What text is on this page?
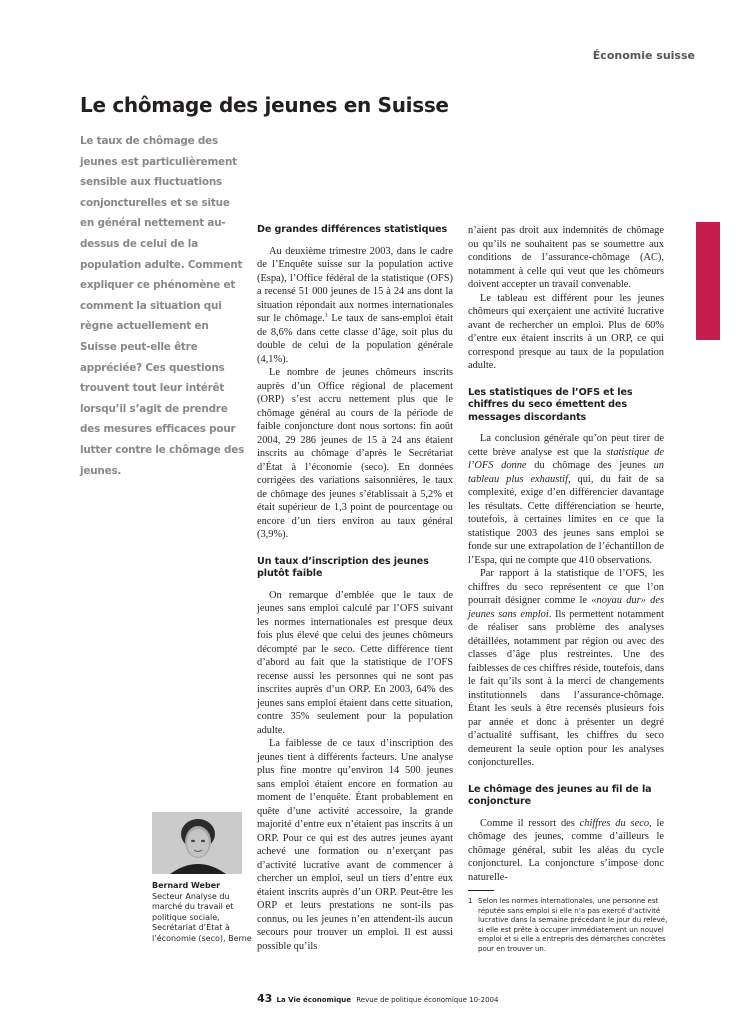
Économie suisse
Le chômage des jeunes en Suisse

Le taux de chômage des jeunes est particulièrement sensible aux fluctuations conjoncturelles et se situe en général nettement au-dessus de celui de la population adulte. Comment expliquer ce phénomène et comment la situation qui règne actuellement en Suisse peut-elle être appréciée? Ces questions trouvent tout leur intérêt lorsqu’il s’agit de prendre des mesures efficaces pour lutter contre le chômage des jeunes.

De grandes différences statistiques

Au deuxième trimestre 2003, dans le cadre de l’Enquête suisse sur la population active (Espa), l’Office fédéral de la statistique (OFS) a recensé 51 000 jeunes de 15 à 24 ans dont la situation répondait aux normes internationales sur le chômage.$^1$ Le taux de sans-emploi était de 8,6% dans cette classe d’âge, soit plus du double de celui de la population générale (4,1%).

Le nombre de jeunes chômeurs inscrits auprès d’un Office régional de placement (ORP) s’est accru nettement plus que le chômage général au cours de la période de faible conjoncture dont nous sortons: fin août 2004, 29 286 jeunes de 15 à 24 ans étaient inscrits au chômage d’après le Secrétariat d’État à l’économie (seco). En données corrigées des variations saisonnières, le taux de chômage des jeunes s’établissait à 5,2% et était supérieur de 1,3 point de pourcentage ou encore d’un tiers environ au taux général (3,9%).

Un taux d’inscription des jeunes plutôt faible

On remarque d’emblée que le taux de jeunes sans emploi calculé par l’OFS suivant les normes internationales est presque deux fois plus élevé que celui des jeunes chômeurs décompté par le seco. Cette différence tient d’abord au fait que la statistique de l’OFS recense aussi les personnes qui ne sont pas inscrites auprès d’un ORP. En 2003, 64% des jeunes sans emploi étaient dans cette situation, contre 35% seulement pour la population adulte.

La faiblesse de ce taux d’inscription des jeunes tient à différents facteurs. Une analyse plus fine montre qu’environ 14 500 jeunes sans emploi étaient encore en formation au moment de l’enquête. Étant probablement en quête d’une activité accessoire, la grande majorité d’entre eux n’étaient pas inscrits à un ORP. Pour ce qui est des autres jeunes ayant achevé une formation ou n’exerçant pas d’activité lucrative avant de commencer à chercher un emploi, seul un tiers d’entre eux étaient inscrits auprès d’un ORP. Peut-être les ORP et leurs prestations ne sont-ils pas connus, ou les jeunes n’en attendent-ils aucun secours pour trouver un emploi. Il est aussi possible qu’ils

n’aient pas droit aux indemnités de chômage ou qu’ils ne souhaitent pas se soumettre aux conditions de l’assurance-chômage (AC), notamment à celle qui veut que les chômeurs doivent accepter un travail convenable.

Le tableau est différent pour les jeunes chômeurs qui exerçaient une activité lucrative avant de rechercher un emploi. Plus de 60% d’entre eux étaient inscrits à un ORP, ce qui correspond presque au taux de la population adulte.

Les statistiques de l’OFS et les chiffres du seco émettent des messages discordants

La conclusion générale qu’on peut tirer de cette brève analyse est que la statistique de l’OFS donne du chômage des jeunes un tableau plus exhaustif, qui, du fait de sa complexité, exige d’en différencier davantage les résultats. Cette différenciation se heurte, toutefois, à certaines limites en ce que la statistique 2003 des jeunes sans emploi se fonde sur une extrapolation de l’échantillon de l’Espa, qui ne compte que 410 observations.

Par rapport à la statistique de l’OFS, les chiffres du seco représentent ce que l’on pourrait désigner comme le «noyau dur» des jeunes sans emploi. Ils permettent notamment de réaliser sans problème des analyses détaillées, notamment par région ou avec des classes d’âge plus restreintes. Une des faiblesses de ces chiffres réside, toutefois, dans le fait qu’ils sont à la merci de changements institutionnels dans l’assurance-chômage. Étant les seuls à être recensés plusieurs fois par année et donc à présenter un degré d’actualité suffisant, les chiffres du seco demeurent la seule option pour les analyses conjoncturelles.

Le chômage des jeunes au fil de la conjoncture

Comme il ressort des chiffres du seco, le chômage des jeunes, comme d’ailleurs le chômage général, subit les aléas du cycle conjoncturel. La conjoncture s’impose donc naturelle-

Bernard Weber
Secteur Analyse du marché du travail et politique sociale, Secrétariat d’État à l’économie (seco), Berne
1 Selon les normes internationales, une personne est réputée sans emploi si elle n’a pas exercé d’activité lucrative dans la semaine précédant le jour du relevé, si elle est prête à occuper immédiatement un nouvel emploi et si elle a entrepris des démarches concrètes pour en trouver un.
43 La Vie économique Revue de politique économique 10-2004
